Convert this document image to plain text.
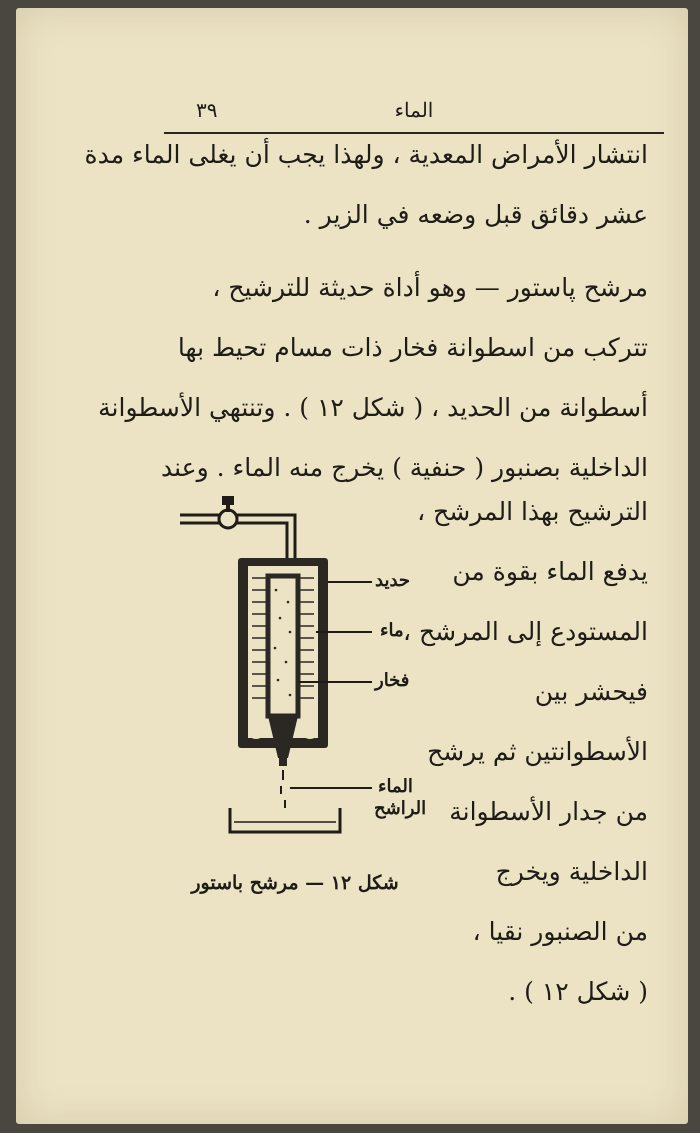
٣٩	الماء
انتشار الأمراض المعدية ، ولهذا يجب أن يغلى الماء مدة
عشر دقائق قبل وضعه في الزير .
مرشح پاستور — وهو أداة حديثة للترشيح ،
تتركب من اسطوانة فخار ذات مسام تحيط بها
أسطوانة من الحديد ، ( شكل ١٢ ) . وتنتهي الأسطوانة
الداخلية بصنبور ( حنفية ) يخرج منه الماء . وعند
الترشيح بهذا المرشح ،
يدفع الماء بقوة من
المستودع إلى المرشح ،
فيحشر بين
الأسطوانتين ثم يرشح
من جدار الأسطوانة
الداخلية ويخرج
من الصنبور نقيا ،
( شكل ١٢ ) .
حديد
ماء
فخار
الماء
الراشح
شكل ١٢ — مرشح باستور
